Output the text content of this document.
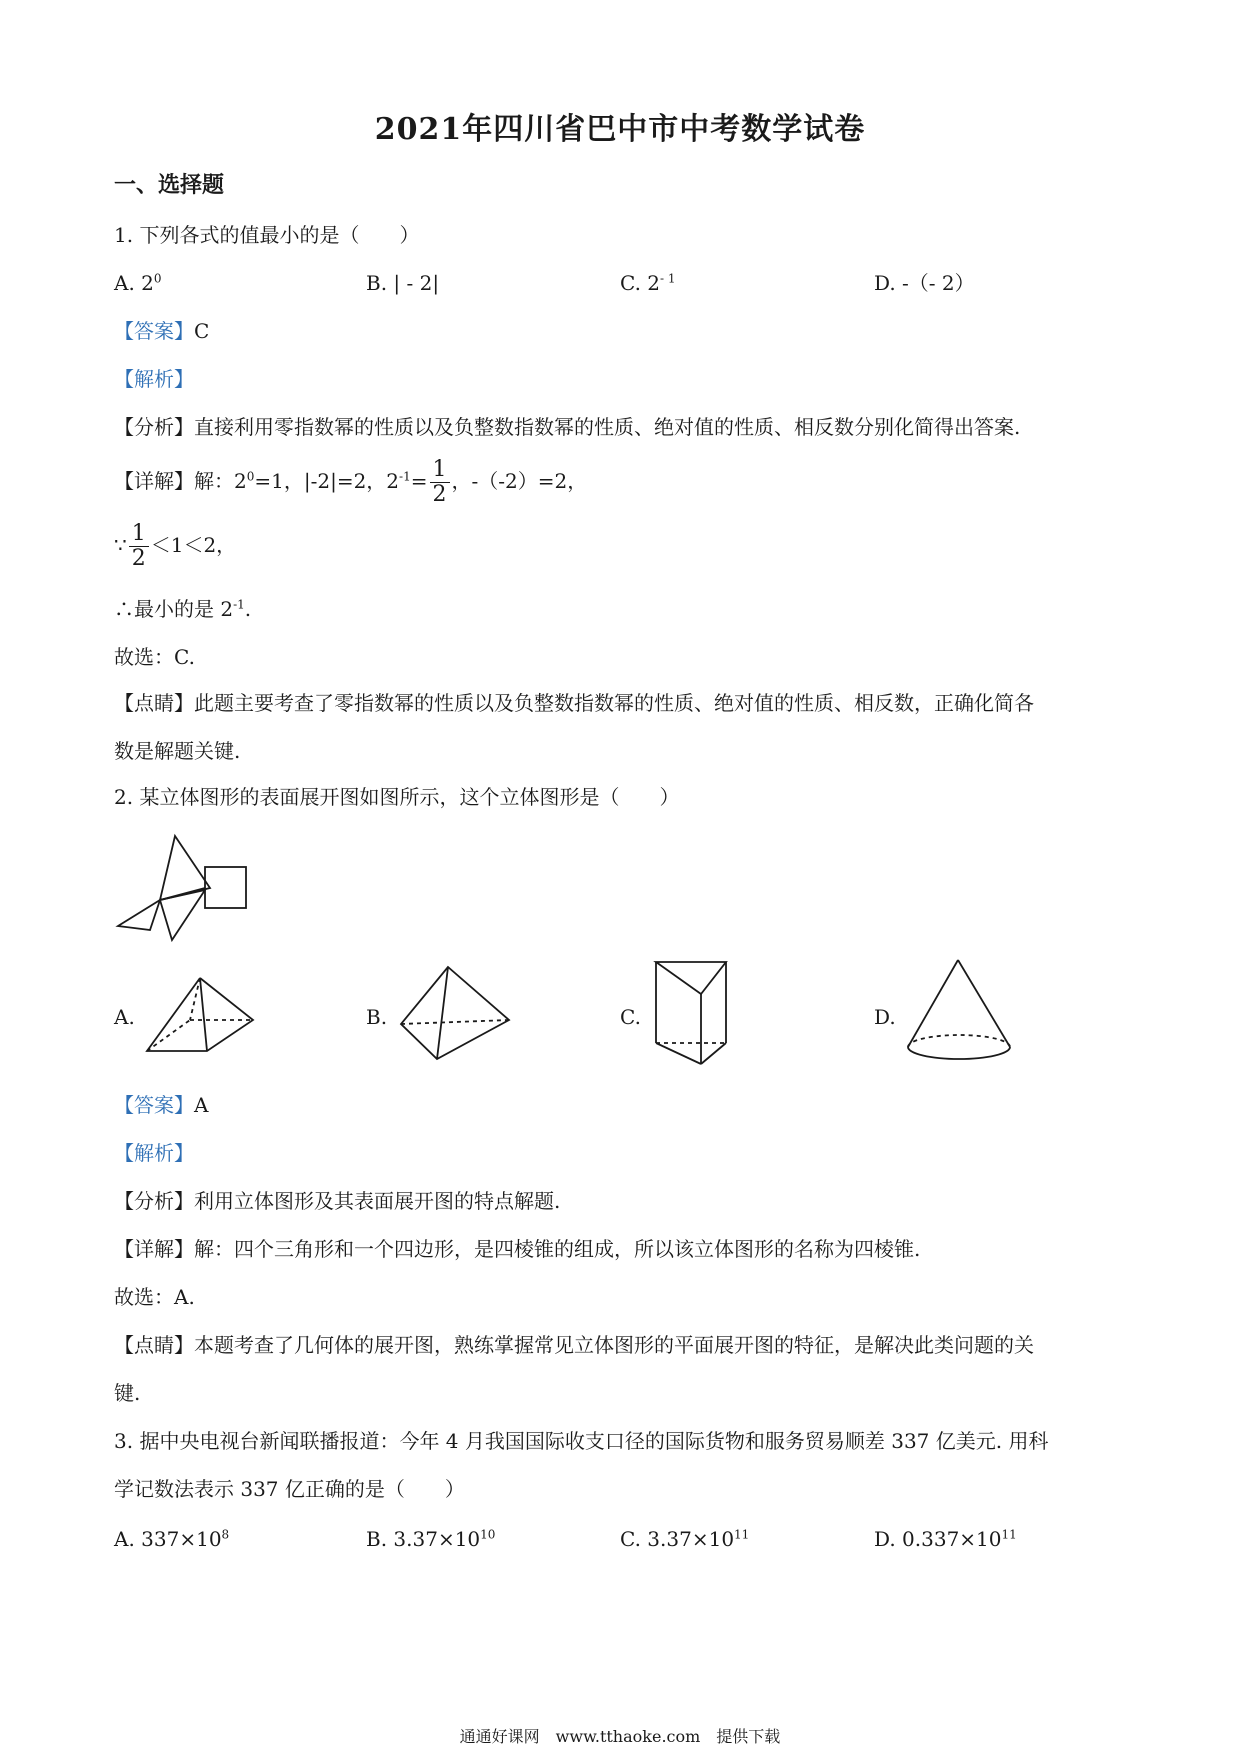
2021年四川省巴中市中考数学试卷
一、选择题
1. 下列各式的值最小的是（　　）
A. $2^0$	B. | ‑ 2|	C. $2^{‑ 1}$	D. ‑（‑ 2）
【答案】C
【解析】
【分析】直接利用零指数幂的性质以及负整数指数幂的性质、绝对值的性质、相反数分别化简得出答案.
【详解】解：$2^0=1$，|-2|=2，$2^{-1}= \frac{1}{2}$ ，-（-2）=2，
∵ $\frac{1}{2} <1<2$，
∴最小的是 $2^{-1}$.
故选：C.
【点睛】此题主要考查了零指数幂的性质以及负整数指数幂的性质、绝对值的性质、相反数，正确化简各
数是解题关键.
2. 某立体图形的表面展开图如图所示，这个立体图形是（　　）
A.	B.	C.	D.
【答案】A
【解析】
【分析】利用立体图形及其表面展开图的特点解题.
【详解】解：四个三角形和一个四边形，是四棱锥的组成，所以该立体图形的名称为四棱锥.
故选：A.
【点睛】本题考查了几何体的展开图，熟练掌握常见立体图形的平面展开图的特征，是解决此类问题的关
键.
3. 据中央电视台新闻联播报道：今年 4 月我国国际收支口径的国际货物和服务贸易顺差 337 亿美元. 用科
学记数法表示 337 亿正确的是（　　）
A. $337\times 10^8$	B. $3.37\times 10^{10}$	C. $3.37\times 10^{11}$	D. $0.337\times 10^{11}$
通通好课网　www.tthaoke.com　提供下载
